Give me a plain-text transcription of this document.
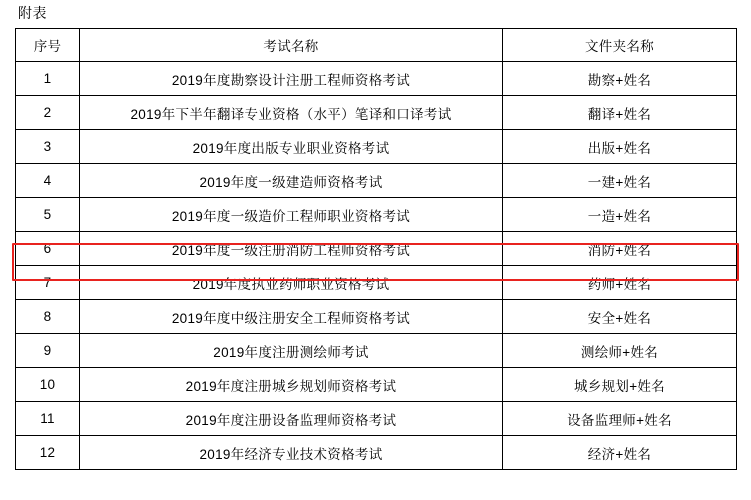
附表
序号	考试名称	文件夹名称
1	2019年度勘察设计注册工程师资格考试	勘察+姓名
2	2019年下半年翻译专业资格（水平）笔译和口译考试	翻译+姓名
3	2019年度出版专业职业资格考试	出版+姓名
4	2019年度一级建造师资格考试	一建+姓名
5	2019年度一级造价工程师职业资格考试	一造+姓名
6	2019年度一级注册消防工程师资格考试	消防+姓名
7	2019年度执业药师职业资格考试	药师+姓名
8	2019年度中级注册安全工程师资格考试	安全+姓名
9	2019年度注册测绘师考试	测绘师+姓名
10	2019年度注册城乡规划师资格考试	城乡规划+姓名
11	2019年度注册设备监理师资格考试	设备监理师+姓名
12	2019年经济专业技术资格考试	经济+姓名
